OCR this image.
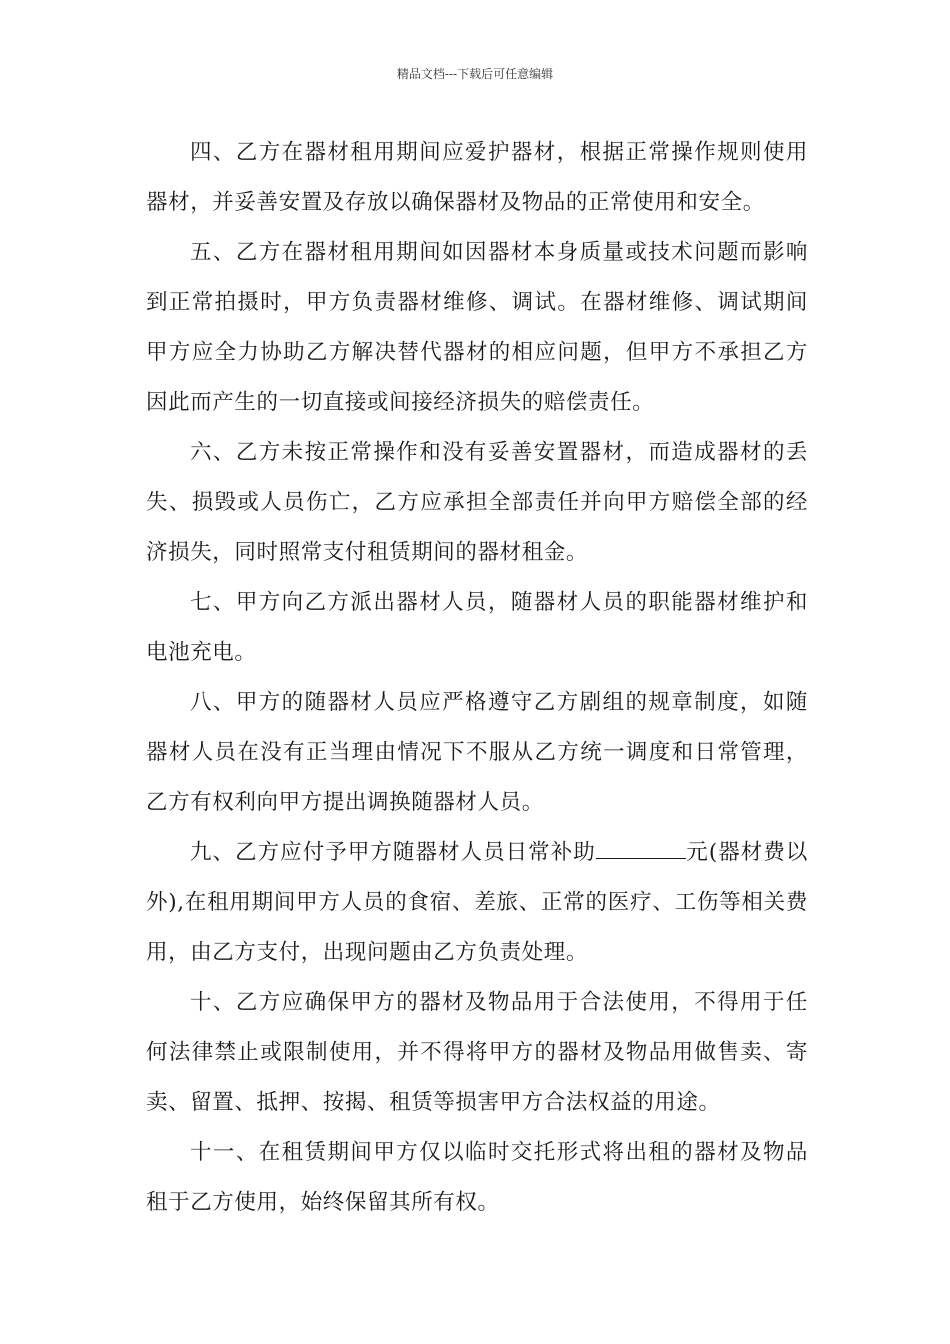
精品文档---下载后可任意编辑

四、乙方在器材租用期间应爱护器材，根据正常操作规则使用器材，并妥善安置及存放以确保器材及物品的正常使用和安全。

五、乙方在器材租用期间如因器材本身质量或技术问题而影响到正常拍摄时，甲方负责器材维修、调试。在器材维修、调试期间甲方应全力协助乙方解决替代器材的相应问题，但甲方不承担乙方因此而产生的一切直接或间接经济损失的赔偿责任。

六、乙方未按正常操作和没有妥善安置器材，而造成器材的丢失、损毁或人员伤亡，乙方应承担全部责任并向甲方赔偿全部的经济损失，同时照常支付租赁期间的器材租金。

七、甲方向乙方派出器材人员，随器材人员的职能器材维护和电池充电。

八、甲方的随器材人员应严格遵守乙方剧组的规章制度，如随器材人员在没有正当理由情况下不服从乙方统一调度和日常管理，乙方有权利向甲方提出调换随器材人员。

九、乙方应付予甲方随器材人员日常补助	元(器材费以外),在租用期间甲方人员的食宿、差旅、正常的医疗、工伤等相关费用，由乙方支付，出现问题由乙方负责处理。

十、乙方应确保甲方的器材及物品用于合法使用，不得用于任何法律禁止或限制使用，并不得将甲方的器材及物品用做售卖、寄卖、留置、抵押、按揭、租赁等损害甲方合法权益的用途。

十一、在租赁期间甲方仅以临时交托形式将出租的器材及物品租于乙方使用，始终保留其所有权。
